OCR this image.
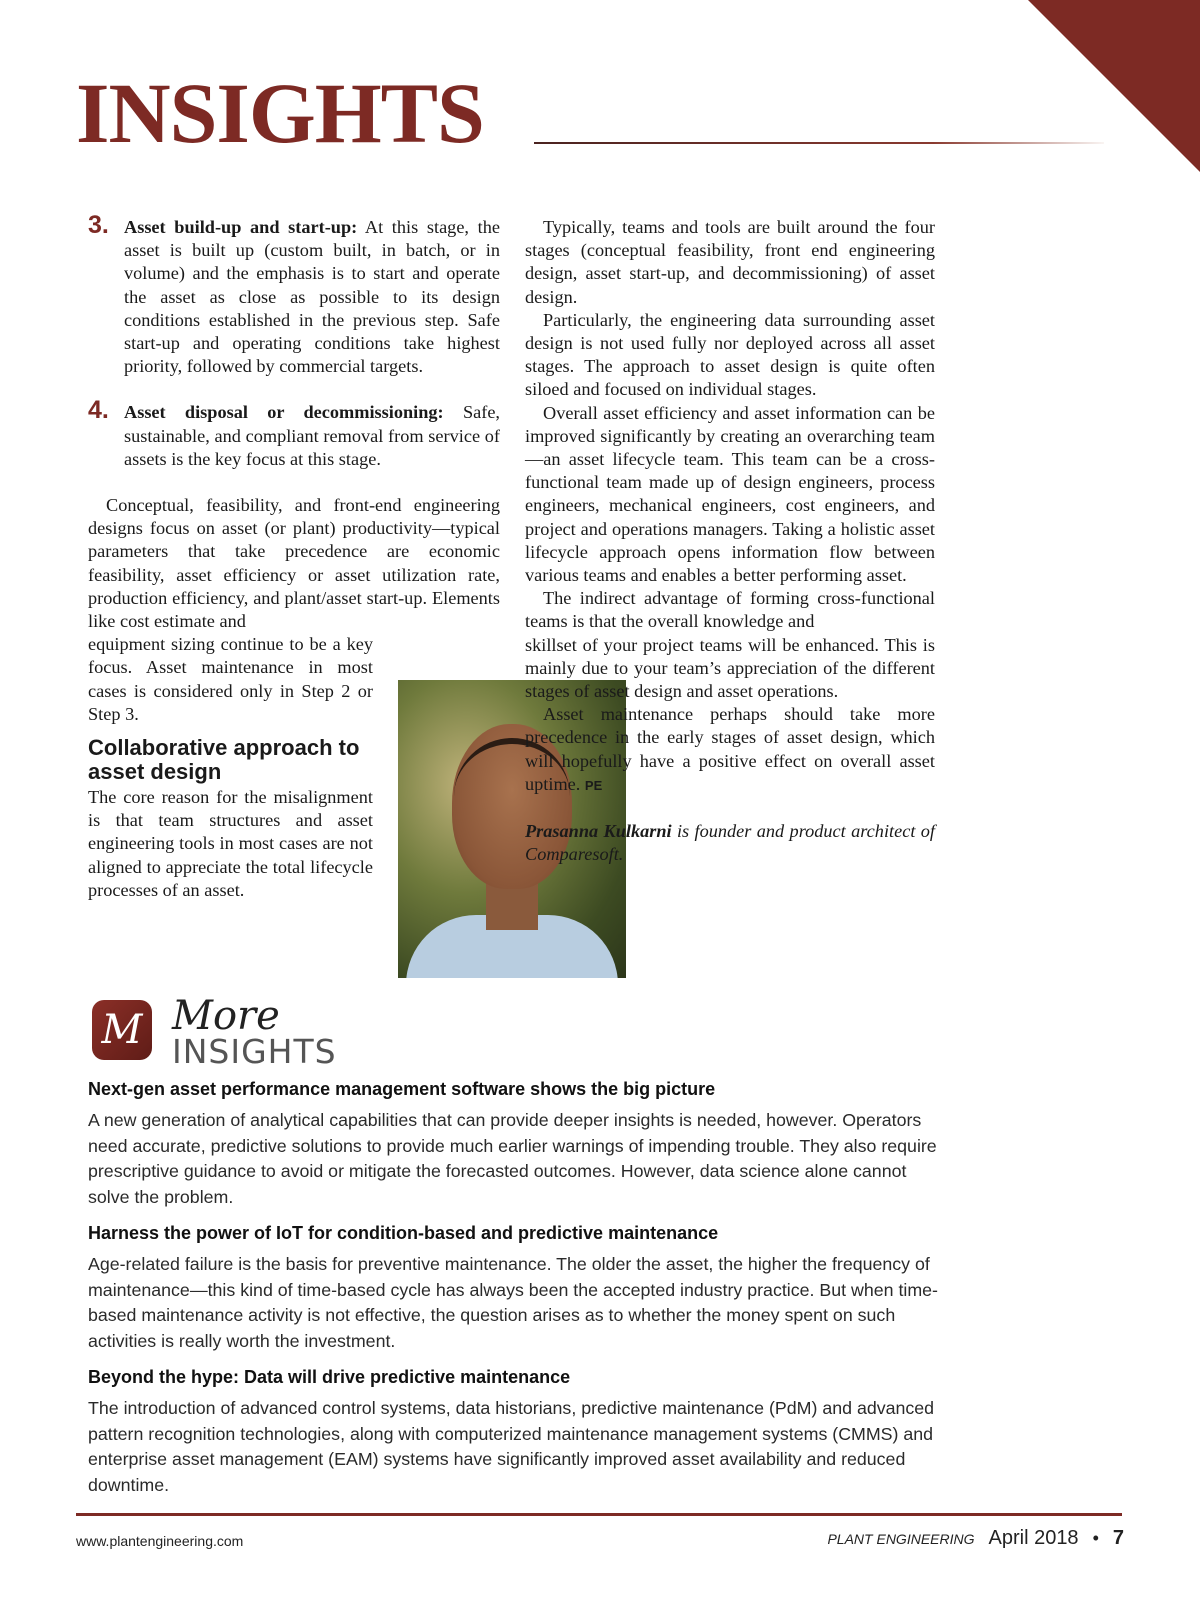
INSIGHTS
3. Asset build-up and start-up: At this stage, the asset is built up (custom built, in batch, or in volume) and the emphasis is to start and operate the asset as close as possible to its design conditions established in the previous step. Safe start-up and operating conditions take highest priority, followed by commercial targets.

4. Asset disposal or decommissioning: Safe, sustainable, and compliant removal from service of assets is the key focus at this stage.

Conceptual, feasibility, and front-end engineering designs focus on asset (or plant) productivity—typical parameters that take precedence are economic feasibility, asset efficiency or asset utilization rate, production efficiency, and plant/asset start-up. Elements like cost estimate and

equipment sizing continue to be a key focus. Asset maintenance in most cases is considered only in Step 2 or Step 3.

Collaborative approach to asset design

The core reason for the misalignment is that team structures and asset engineering tools in most cases are not aligned to appreciate the total lifecycle processes of an asset.

Typically, teams and tools are built around the four stages (conceptual feasibility, front end engineering design, asset start-up, and decommissioning) of asset design.

Particularly, the engineering data surrounding asset design is not used fully nor deployed across all asset stages. The approach to asset design is quite often siloed and focused on individual stages.

Overall asset efficiency and asset information can be improved significantly by creating an overarching team—an asset lifecycle team. This team can be a cross-functional team made up of design engineers, process engineers, mechanical engineers, cost engineers, and project and operations managers. Taking a holistic asset lifecycle approach opens information flow between various teams and enables a better performing asset.

The indirect advantage of forming cross-functional teams is that the overall knowledge and

skillset of your project teams will be enhanced. This is mainly due to your team’s appreciation of the different stages of asset design and asset operations.

Asset maintenance perhaps should take more precedence in the early stages of asset design, which will hopefully have a positive effect on overall asset uptime. PE

Prasanna Kulkarni is founder and product architect of Comparesoft.

M More
INSIGHTS
Next-gen asset performance management software shows the big picture
A new generation of analytical capabilities that can provide deeper insights is needed, however. Operators need accurate, predictive solutions to provide much earlier warnings of impending trouble. They also require prescriptive guidance to avoid or mitigate the forecasted outcomes. However, data science alone cannot solve the problem.
Harness the power of IoT for condition-based and predictive maintenance
Age-related failure is the basis for preventive maintenance. The older the asset, the higher the frequency of maintenance—this kind of time-based cycle has always been the accepted industry practice. But when time-based maintenance activity is not effective, the question arises as to whether the money spent on such activities is really worth the investment.
Beyond the hype: Data will drive predictive maintenance
The introduction of advanced control systems, data historians, predictive maintenance (PdM) and advanced pattern recognition technologies, along with computerized maintenance management systems (CMMS) and enterprise asset management (EAM) systems have significantly improved asset availability and reduced downtime.
www.plantengineering.com	PLANT ENGINEERING April 2018 • 7
